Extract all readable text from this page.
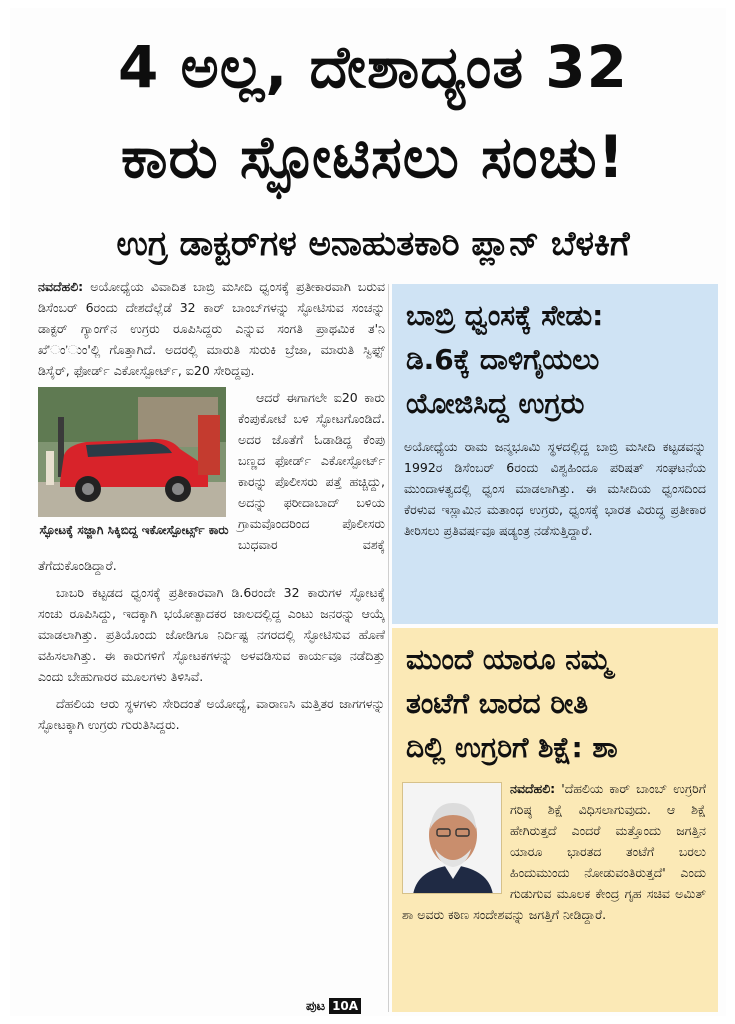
4 ಅಲ್ಲ, ದೇಶಾದ್ಯಂತ 32
ಕಾರು ಸ್ಫೋಟಿಸಲು ಸಂಚು!
ಉಗ್ರ ಡಾಕ್ಟರ್‌ಗಳ ಅನಾಹುತಕಾರಿ ಪ್ಲಾನ್ ಬೆಳಕಿಗೆ

ನವದೆಹಲಿ: ಅಯೋಧ್ಯೆಯ ವಿವಾದಿತ ಬಾಬ್ರಿ ಮಸೀದಿ ಧ್ವಂಸಕ್ಕೆ ಪ್ರತೀಕಾರವಾಗಿ ಬರುವ ಡಿಸೆಂಬರ್ 6ರಂದು ದೇಶದೆಲ್ಲೆಡೆ 32 ಕಾರ್ ಬಾಂಬ್‌ಗಳನ್ನು ಸ್ಫೋಟಿಸುವ ಸಂಚನ್ನು ಡಾಕ್ಟರ್ ಗ್ಯಾಂಗ್‌ನ ಉಗ್ರರು ರೂಪಿಸಿದ್ದರು ಎನ್ನುವ ಸಂಗತಿ ಪ್ರಾಥಮಿಕ ತ'ನಿ ಖೆ'ಂ'ುಂ'ಲ್ಲಿ ಗೊತ್ತಾಗಿದೆ. ಅದರಲ್ಲಿ ಮಾರುತಿ ಸುರುಕಿ ಬ್ರೆಜಾ, ಮಾರುತಿ ಸ್ವಿಫ್ಟ್ ಡಿಸೈರ್, ಫೋರ್ಡ್ ಎಕೋಸ್ಪೋರ್ಟ್, ಐ20 ಸೇರಿದ್ದವು.

ಸ್ಫೋಟಕ್ಕೆ ಸಜ್ಜಾಗಿ ಸಿಕ್ಕಿಬಿದ್ದ ಇಕೋಸ್ಪೋರ್ಟ್ಸ್ ಕಾರು

ಆದರೆ ಈಗಾಗಲೇ ಐ20 ಕಾರು ಕೆಂಪುಕೋಟೆ ಬಳಿ ಸ್ಫೋಟಗೊಂಡಿದೆ. ಅದರ ಜೊತೆಗೆ ಓಡಾಡಿದ್ದ ಕೆಂಪು ಬಣ್ಣದ ಫೋರ್ಡ್ ಎಕೋಸ್ಪೋರ್ಟ್ ಕಾರನ್ನು ಪೊಲೀಸರು ಪತ್ತೆ ಹಚ್ಚಿದ್ದು, ಅದನ್ನು ಫರೀದಾಬಾದ್ ಬಳಿಯ ಗ್ರಾಮವೊಂದರಿಂದ ಪೊಲೀಸರು ಬುಧವಾರ ವಶಕ್ಕೆ ತೆಗೆದುಕೊಂಡಿದ್ದಾರೆ.

ಬಾಬರಿ ಕಟ್ಟಡದ ಧ್ವಂಸಕ್ಕೆ ಪ್ರತೀಕಾರವಾಗಿ ಡಿ.6ರಂದೇ 32 ಕಾರುಗಳ ಸ್ಫೋಟಕ್ಕೆ ಸಂಚು ರೂಪಿಸಿದ್ದು, ಇದಕ್ಕಾಗಿ ಭಯೋತ್ಪಾದಕರ ಜಾಲದಲ್ಲಿದ್ದ ಎಂಟು ಜನರನ್ನು ಆಯ್ಕೆ ಮಾಡಲಾಗಿತ್ತು. ಪ್ರತಿಯೊಂದು ಜೋಡಿಗೂ ನಿರ್ದಿಷ್ಟ ನಗರದಲ್ಲಿ ಸ್ಫೋಟಿಸುವ ಹೊಣೆ ವಹಿಸಲಾಗಿತ್ತು. ಈ ಕಾರುಗಳಿಗೆ ಸ್ಫೋಟಕಗಳನ್ನು ಅಳವಡಿಸುವ ಕಾರ್ಯವೂ ನಡೆದಿತ್ತು ಎಂದು ಬೇಹುಗಾರರ ಮೂಲಗಳು ತಿಳಿಸಿವೆ.

ದೆಹಲಿಯ ಆರು ಸ್ಥಳಗಳು ಸೇರಿದಂತೆ ಅಯೋಧ್ಯೆ, ವಾರಾಣಸಿ ಮತ್ತಿತರ ಜಾಗಗಳನ್ನು ಸ್ಫೋಟಕ್ಕಾಗಿ ಉಗ್ರರು ಗುರುತಿಸಿದ್ದರು.

ಪುಟ 10A
ಬಾಬ್ರಿ ಧ್ವಂಸಕ್ಕೆ ಸೇಡು:
ಡಿ.6ಕ್ಕೆ ದಾಳಿಗೈಯಲು
ಯೋಜಿಸಿದ್ದ ಉಗ್ರರು
ಅಯೋಧ್ಯೆಯ ರಾಮ ಜನ್ಮಭೂಮಿ ಸ್ಥಳದಲ್ಲಿದ್ದ ಬಾಬ್ರಿ ಮಸೀದಿ ಕಟ್ಟಡವನ್ನು 1992ರ ಡಿಸೆಂಬರ್ 6ರಂದು ವಿಶ್ವಹಿಂದೂ ಪರಿಷತ್ ಸಂಘಟನೆಯ ಮುಂದಾಳತ್ವದಲ್ಲಿ ಧ್ವಂಸ ಮಾಡಲಾಗಿತ್ತು. ಈ ಮಸೀದಿಯ ಧ್ವಂಸದಿಂದ ಕೆರಳುವ ಇಸ್ಲಾಮಿನ ಮತಾಂಧ ಉಗ್ರರು, ಧ್ವಂಸಕ್ಕೆ ಭಾರತ ವಿರುದ್ಧ ಪ್ರತೀಕಾರ ತೀರಿಸಲು ಪ್ರತಿವರ್ಷವೂ ಷಡ್ಯಂತ್ರ ನಡೆಸುತ್ತಿದ್ದಾರೆ.
ಮುಂದೆ ಯಾರೂ ನಮ್ಮ
ತಂಟೆಗೆ ಬಾರದ ರೀತಿ
ದಿಲ್ಲಿ ಉಗ್ರರಿಗೆ ಶಿಕ್ಷೆ: ಶಾ
ನವದೆಹಲಿ: 'ದೆಹಲಿಯ ಕಾರ್ ಬಾಂಬ್ ಉಗ್ರರಿಗೆ ಗರಿಷ್ಠ ಶಿಕ್ಷೆ ವಿಧಿಸಲಾಗುವುದು. ಆ ಶಿಕ್ಷೆ ಹೇಗಿರುತ್ತದೆ ಎಂದರೆ ಮತ್ತೊಂದು ಜಗತ್ತಿನ ಯಾರೂ ಭಾರತದ ತಂಟೆಗೆ ಬರಲು ಹಿಂದುಮುಂದು ನೋಡುವಂತಿರುತ್ತದೆ' ಎಂದು ಗುಡುಗುವ ಮೂಲಕ ಕೇಂದ್ರ ಗೃಹ ಸಚಿವ ಅಮಿತ್ ಶಾ ಅವರು ಕಠಿಣ ಸಂದೇಶವನ್ನು ಜಗತ್ತಿಗೆ ನೀಡಿದ್ದಾರೆ.
